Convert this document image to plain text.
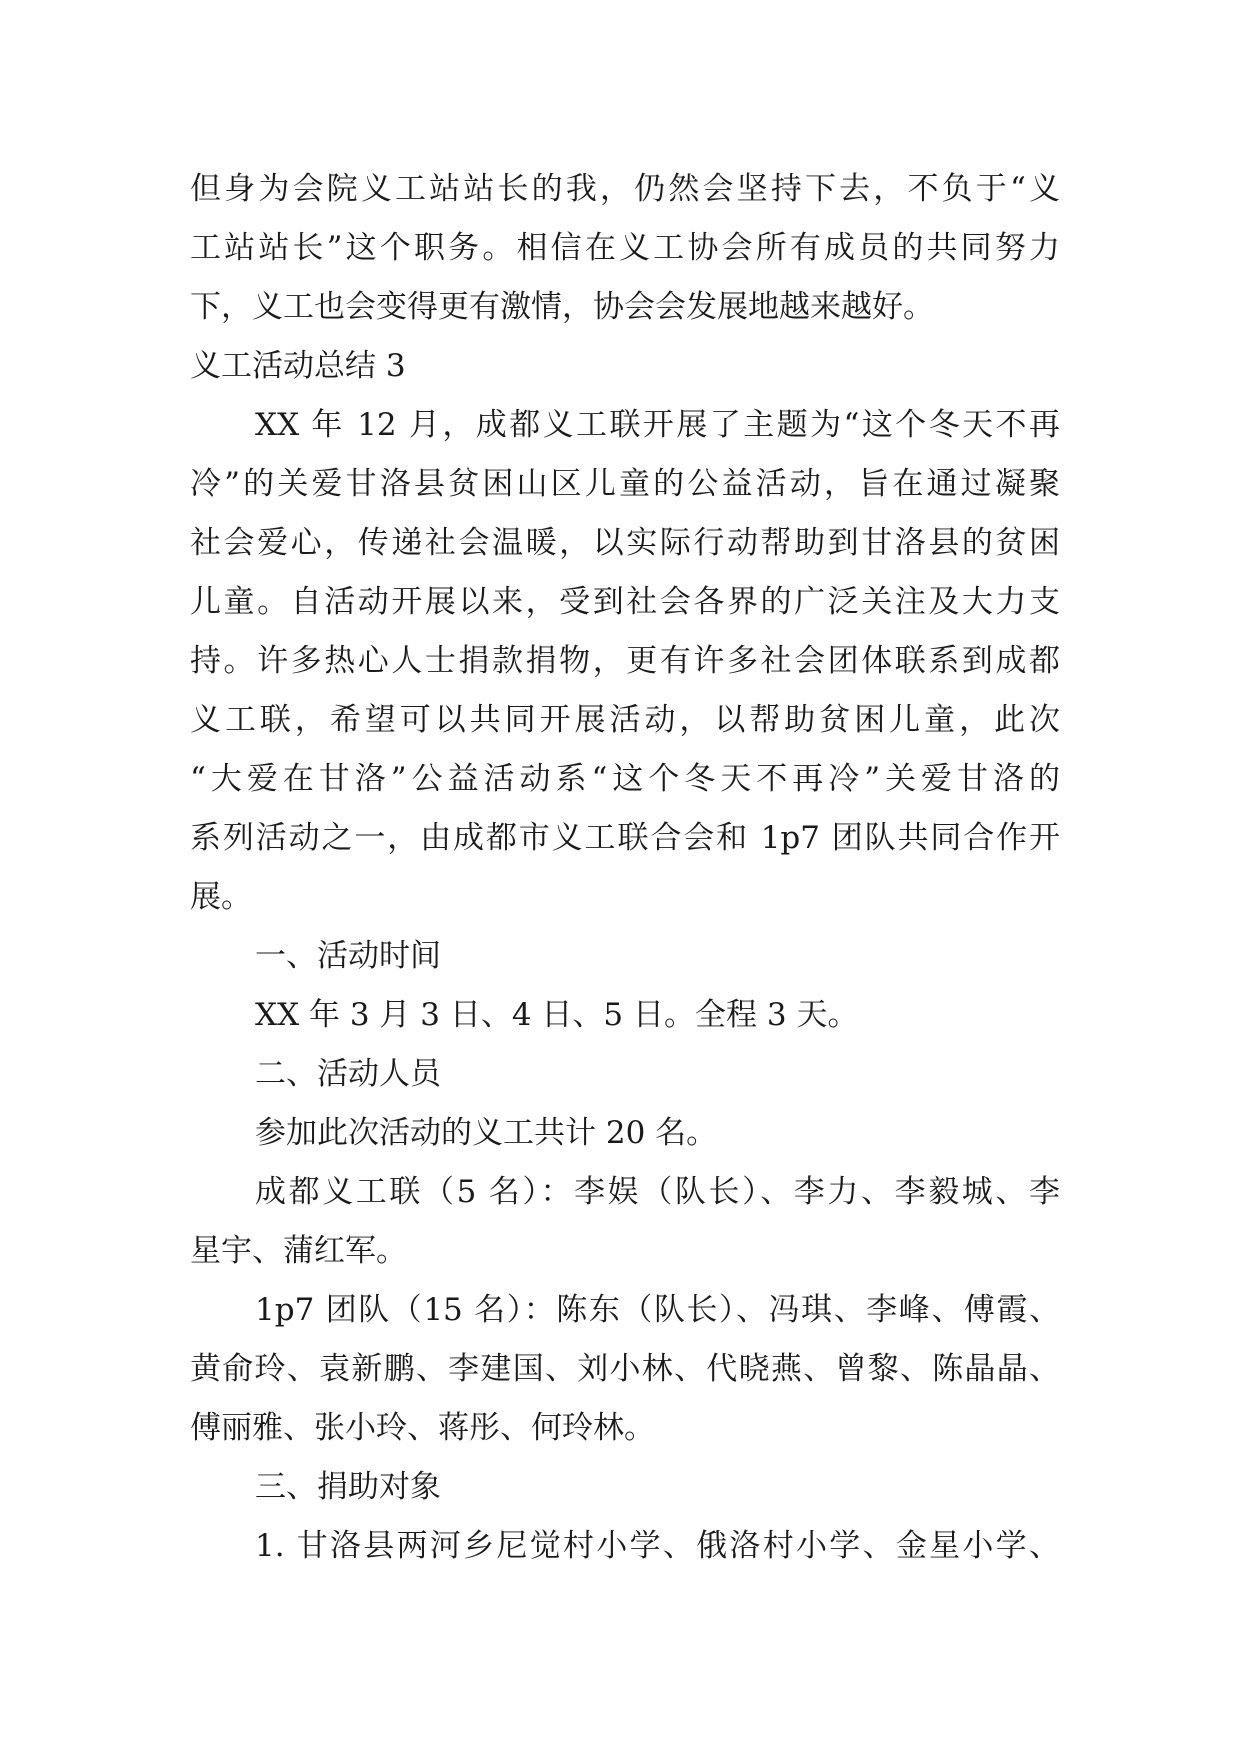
但身为会院义工站站长的我，仍然会坚持下去，不负于“义
工站站长”这个职务。相信在义工协会所有成员的共同努力
下，义工也会变得更有激情，协会会发展地越来越好。
义工活动总结 3
XX 年 12 月，成都义工联开展了主题为“这个冬天不再
冷”的关爱甘洛县贫困山区儿童的公益活动，旨在通过凝聚
社会爱心，传递社会温暖，以实际行动帮助到甘洛县的贫困
儿童。自活动开展以来，受到社会各界的广泛关注及大力支
持。许多热心人士捐款捐物，更有许多社会团体联系到成都
义工联，希望可以共同开展活动，以帮助贫困儿童，此次
“大爱在甘洛”公益活动系“这个冬天不再冷”关爱甘洛的
系列活动之一，由成都市义工联合会和 1p7 团队共同合作开
展。
一、活动时间
XX 年 3 月 3 日、4 日、5 日。全程 3 天。
二、活动人员
参加此次活动的义工共计 20 名。
成都义工联（5 名）：李娱（队长）、李力、李毅城、李
星宇、蒲红军。
1p7 团队（15 名）：陈东（队长）、冯琪、李峰、傅霞、
黄俞玲、袁新鹏、李建国、刘小林、代晓燕、曾黎、陈晶晶、
傅丽雅、张小玲、蒋彤、何玲林。
三、捐助对象
1. 甘洛县两河乡尼觉村小学、俄洛村小学、金星小学、
